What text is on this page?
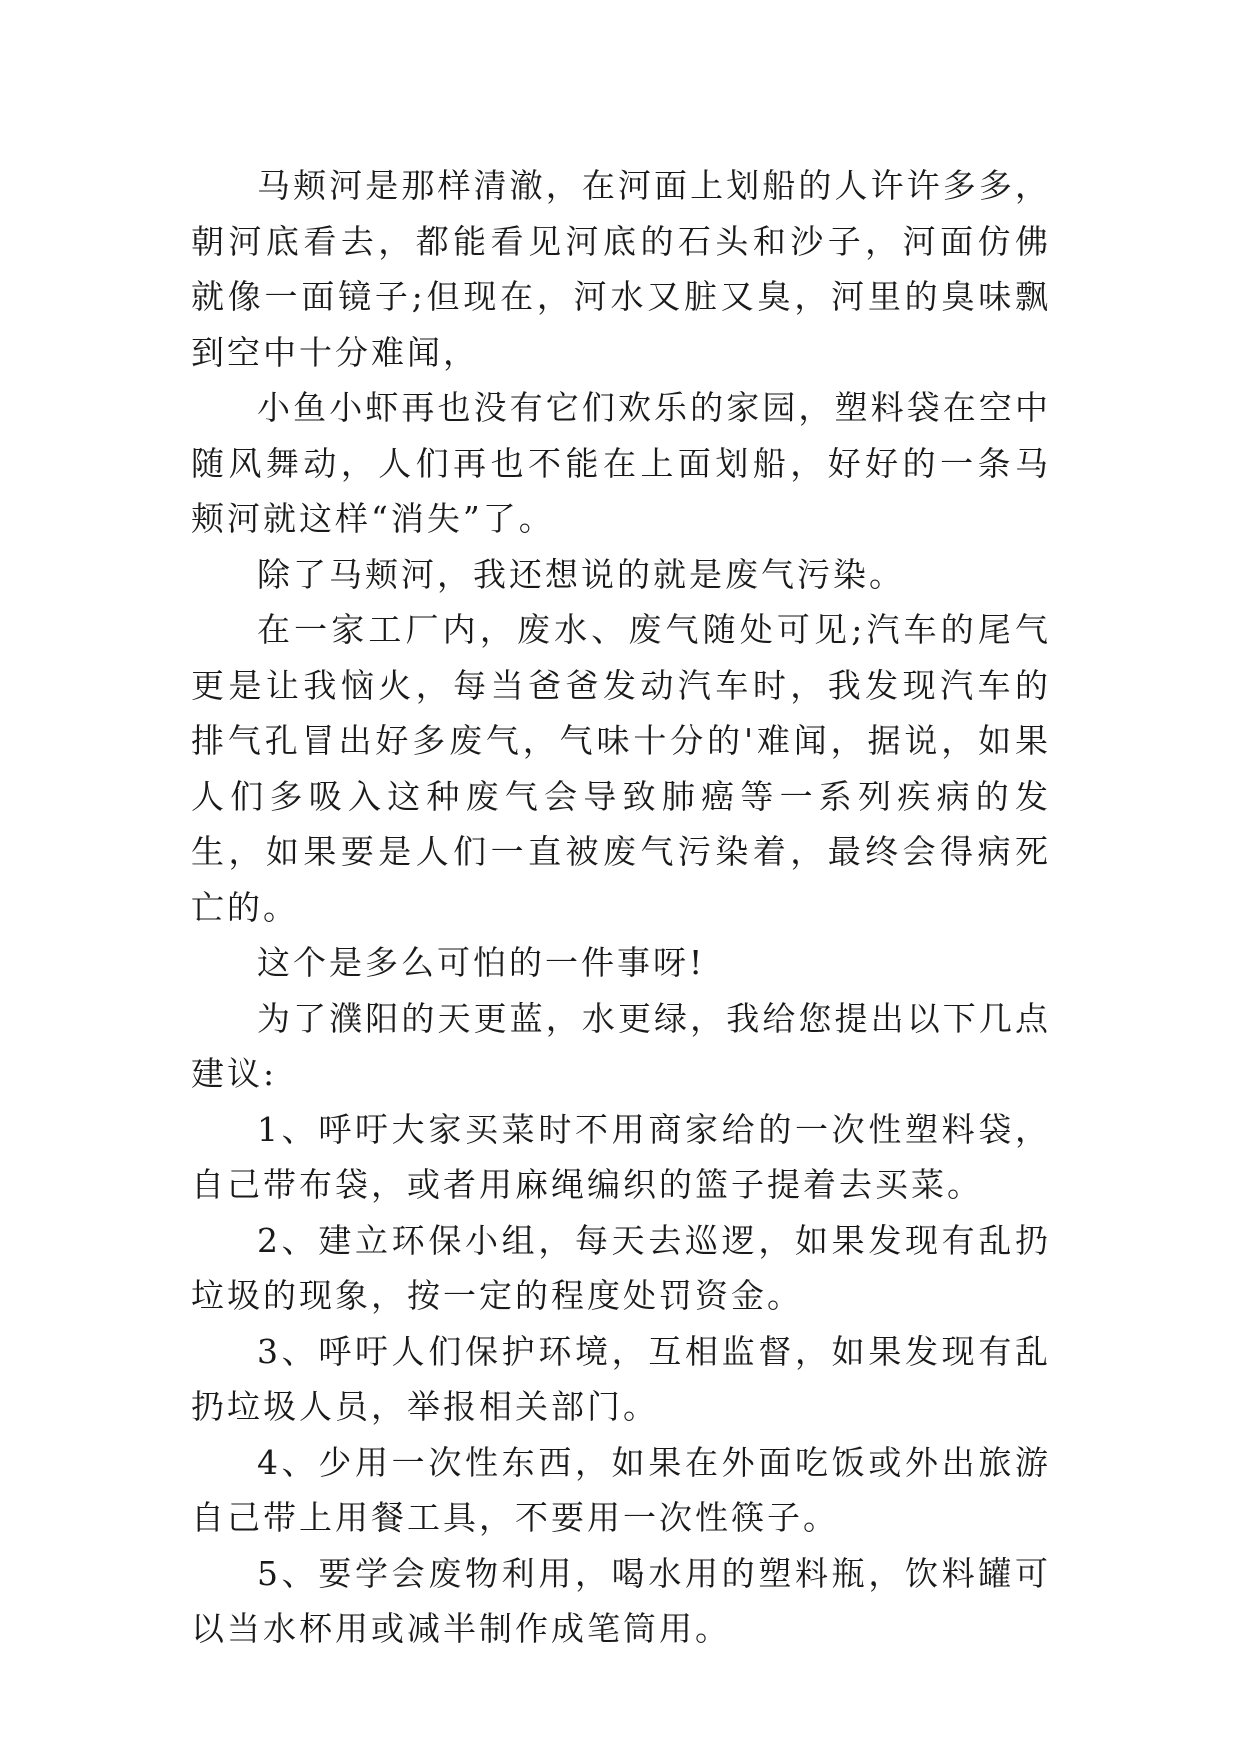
马颊河是那样清澈，在河面上划船的人许许多多，朝河底看去，都能看见河底的石头和沙子，河面仿佛就像一面镜子;但现在，河水又脏又臭，河里的臭味飘到空中十分难闻，

小鱼小虾再也没有它们欢乐的家园，塑料袋在空中随风舞动，人们再也不能在上面划船，好好的一条马颊河就这样“消失”了。

除了马颊河，我还想说的就是废气污染。

在一家工厂内，废水、废气随处可见;汽车的尾气更是让我恼火，每当爸爸发动汽车时，我发现汽车的排气孔冒出好多废气，气味十分的'难闻，据说，如果人们多吸入这种废气会导致肺癌等一系列疾病的发生，如果要是人们一直被废气污染着，最终会得病死亡的。

这个是多么可怕的一件事呀!

为了濮阳的天更蓝，水更绿，我给您提出以下几点建议:

1、呼吁大家买菜时不用商家给的一次性塑料袋，自己带布袋，或者用麻绳编织的篮子提着去买菜。

2、建立环保小组，每天去巡逻，如果发现有乱扔垃圾的现象，按一定的程度处罚资金。

3、呼吁人们保护环境，互相监督，如果发现有乱扔垃圾人员，举报相关部门。

4、少用一次性东西，如果在外面吃饭或外出旅游自己带上用餐工具，不要用一次性筷子。

5、要学会废物利用，喝水用的塑料瓶，饮料罐可以当水杯用或减半制作成笔筒用。
